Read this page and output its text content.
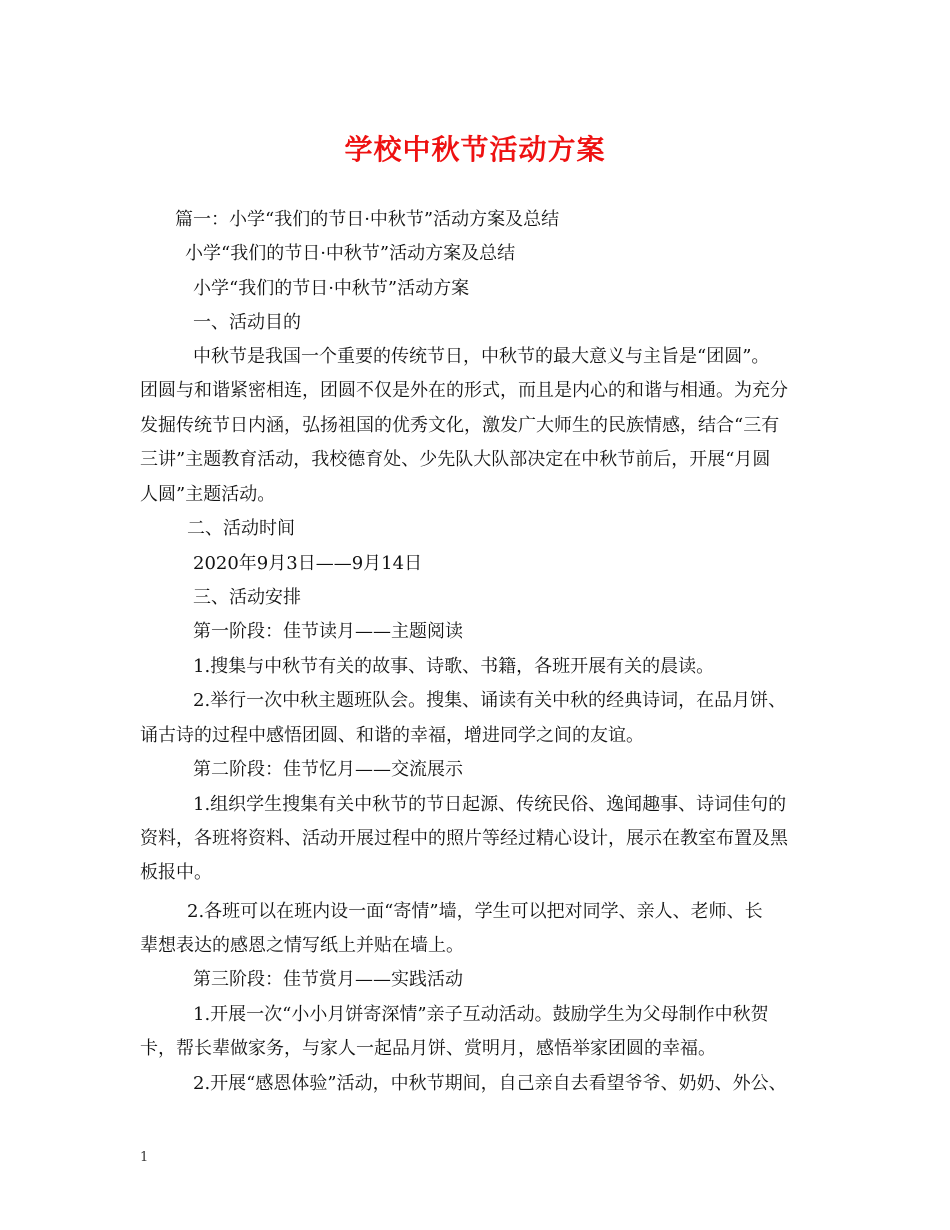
学校中秋节活动方案
篇一：小学“我们的节日·中秋节”活动方案及总结
小学“我们的节日·中秋节”活动方案及总结
小学“我们的节日·中秋节”活动方案
一、活动目的
中秋节是我国一个重要的传统节日，中秋节的最大意义与主旨是“团圆”。
团圆与和谐紧密相连，团圆不仅是外在的形式，而且是内心的和谐与相通。为充分
发掘传统节日内涵，弘扬祖国的优秀文化，激发广大师生的民族情感，结合“三有
三讲”主题教育活动，我校德育处、少先队大队部决定在中秋节前后，开展“月圆
人圆”主题活动。
二、活动时间
2020年9月3日——9月14日
三、活动安排
第一阶段：佳节读月——主题阅读
1.搜集与中秋节有关的故事、诗歌、书籍，各班开展有关的晨读。
2.举行一次中秋主题班队会。搜集、诵读有关中秋的经典诗词，在品月饼、
诵古诗的过程中感悟团圆、和谐的幸福，增进同学之间的友谊。
第二阶段：佳节忆月——交流展示
1.组织学生搜集有关中秋节的节日起源、传统民俗、逸闻趣事、诗词佳句的
资料，各班将资料、活动开展过程中的照片等经过精心设计，展示在教室布置及黑
板报中。
2.各班可以在班内设一面“寄情”墙，学生可以把对同学、亲人、老师、长
辈想表达的感恩之情写纸上并贴在墙上。
第三阶段：佳节赏月——实践活动
1.开展一次“小小月饼寄深情”亲子互动活动。鼓励学生为父母制作中秋贺
卡，帮长辈做家务，与家人一起品月饼、赏明月，感悟举家团圆的幸福。
2.开展“感恩体验”活动，中秋节期间，自己亲自去看望爷爷、奶奶、外公、
1
